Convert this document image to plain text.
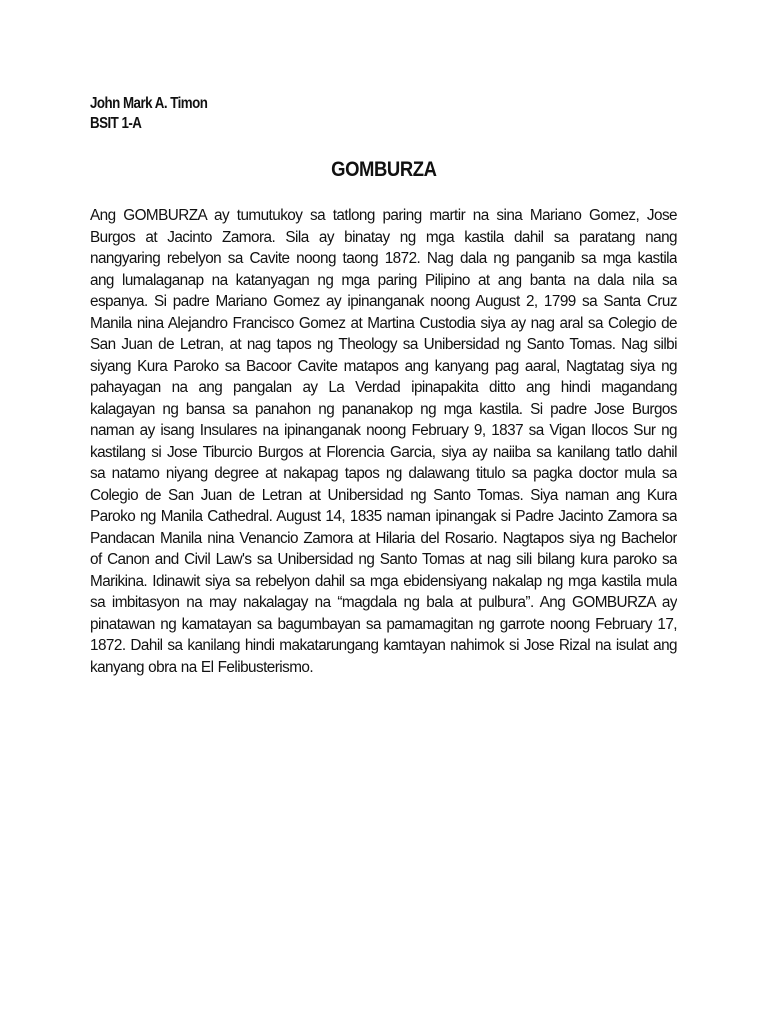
John Mark A. Timon
BSIT 1-A
GOMBURZA
Ang GOMBURZA ay tumutukoy sa tatlong paring martir na sina Mariano Gomez, Jose
Burgos at Jacinto Zamora. Sila ay binatay ng mga kastila dahil sa paratang nang
nangyaring rebelyon sa Cavite noong taong 1872. Nag dala ng panganib sa mga kastila
ang lumalaganap na katanyagan ng mga paring Pilipino at ang banta na dala nila sa
espanya. Si padre Mariano Gomez ay ipinanganak noong August 2, 1799 sa Santa Cruz
Manila nina Alejandro Francisco Gomez at Martina Custodia siya ay nag aral sa Colegio de
San Juan de Letran, at nag tapos ng Theology sa Unibersidad ng Santo Tomas. Nag silbi
siyang Kura Paroko sa Bacoor Cavite matapos ang kanyang pag aaral, Nagtatag siya ng
pahayagan na ang pangalan ay La Verdad ipinapakita ditto ang hindi magandang
kalagayan ng bansa sa panahon ng pananakop ng mga kastila. Si padre Jose Burgos
naman ay isang Insulares na ipinanganak noong February 9, 1837 sa Vigan Ilocos Sur ng
kastilang si Jose Tiburcio Burgos at Florencia Garcia, siya ay naiiba sa kanilang tatlo dahil
sa natamo niyang degree at nakapag tapos ng dalawang titulo sa pagka doctor mula sa
Colegio de San Juan de Letran at Unibersidad ng Santo Tomas. Siya naman ang Kura
Paroko ng Manila Cathedral. August 14, 1835 naman ipinangak si Padre Jacinto Zamora sa
Pandacan Manila nina Venancio Zamora at Hilaria del Rosario. Nagtapos siya ng Bachelor
of Canon and Civil Law's sa Unibersidad ng Santo Tomas at nag sili bilang kura paroko sa
Marikina. Idinawit siya sa rebelyon dahil sa mga ebidensiyang nakalap ng mga kastila mula
sa imbitasyon na may nakalagay na “magdala ng bala at pulbura”. Ang GOMBURZA ay
pinatawan ng kamatayan sa bagumbayan sa pamamagitan ng garrote noong February 17,
1872. Dahil sa kanilang hindi makatarungang kamtayan nahimok si Jose Rizal na isulat ang
kanyang obra na El Felibusterismo.
